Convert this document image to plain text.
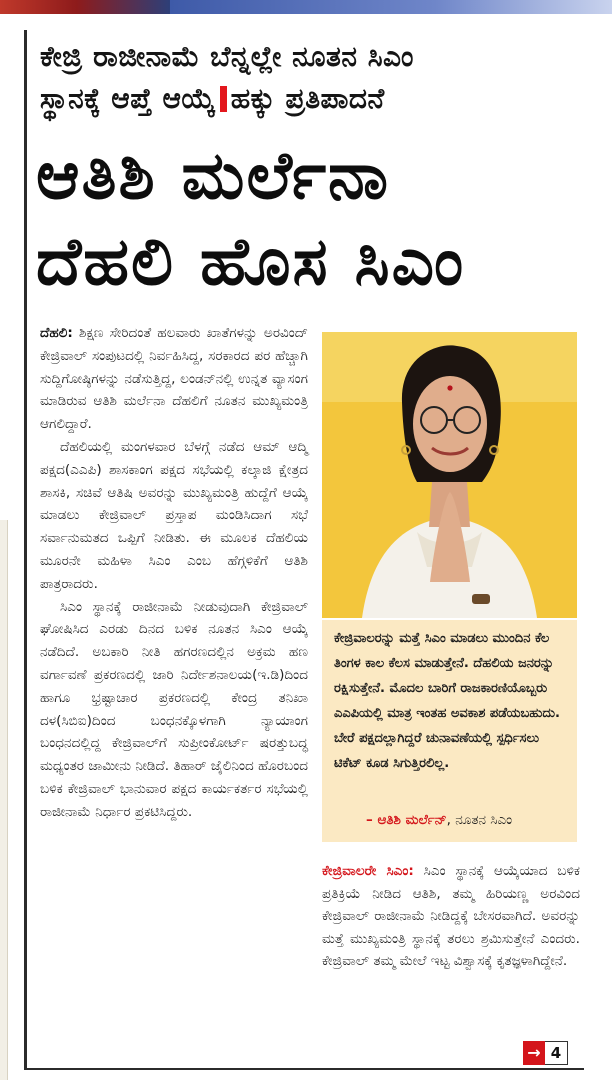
ಕೇಜ್ರಿ ರಾಜೀನಾಮೆ ಬೆನ್ನಲ್ಲೇ ನೂತನ ಸಿಎಂ
ಸ್ಥಾನಕ್ಕೆ ಆಪ್ತೆ ಆಯ್ಕೆ ಹಕ್ಕು ಪ್ರತಿಪಾದನೆ
ಆತಿಶಿ ಮರ್ಲೆನಾ
ದೆಹಲಿ ಹೊಸ ಸಿಎಂ

ದೆಹಲಿ: ಶಿಕ್ಷಣ ಸೇರಿದಂತೆ ಹಲವಾರು ಖಾತೆಗಳನ್ನು ಅರವಿಂದ್ ಕೇಜ್ರಿವಾಲ್ ಸಂಪುಟದಲ್ಲಿ ನಿರ್ವಹಿಸಿದ್ದ, ಸರಕಾರದ ಪರ ಹೆಚ್ಚಾಗಿ ಸುದ್ದಿಗೋಷ್ಠಿಗಳನ್ನು ನಡೆಸುತ್ತಿದ್ದ, ಲಂಡನ್‌ನಲ್ಲಿ ಉನ್ನತ ವ್ಯಾಸಂಗ ಮಾಡಿರುವ ಆತಿಶಿ ಮರ್ಲೆನಾ ದೆಹಲಿಗೆ ನೂತನ ಮುಖ್ಯಮಂತ್ರಿ ಆಗಲಿದ್ದಾರೆ.

ದೆಹಲಿಯಲ್ಲಿ ಮಂಗಳವಾರ ಬೆಳಗ್ಗೆ ನಡೆದ ಆಮ್ ಆದ್ಮಿ ಪಕ್ಷದ(ಎಎಪಿ) ಶಾಸಕಾಂಗ ಪಕ್ಷದ ಸಭೆಯಲ್ಲಿ ಕಲ್ಕಾಜಿ ಕ್ಷೇತ್ರದ ಶಾಸಕಿ, ಸಚಿವೆ ಆತಿಷಿ ಅವರನ್ನು ಮುಖ್ಯಮಂತ್ರಿ ಹುದ್ದೆಗೆ ಆಯ್ಕೆ ಮಾಡಲು ಕೇಜ್ರಿವಾಲ್ ಪ್ರಸ್ತಾಪ ಮಂಡಿಸಿದಾಗ ಸಭೆ ಸರ್ವಾನುಮತದ ಒಪ್ಪಿಗೆ ನೀಡಿತು. ಈ ಮೂಲಕ ದೆಹಲಿಯ ಮೂರನೇ ಮಹಿಳಾ ಸಿಎಂ ಎಂಬ ಹೆಗ್ಗಳಿಕೆಗೆ ಆತಿಶಿ ಪಾತ್ರರಾದರು.

ಸಿಎಂ ಸ್ಥಾನಕ್ಕೆ ರಾಜೀನಾಮೆ ನೀಡುವುದಾಗಿ ಕೇಜ್ರಿವಾಲ್ ಘೋಷಿಸಿದ ಎರಡು ದಿನದ ಬಳಿಕ ನೂತನ ಸಿಎಂ ಆಯ್ಕೆ ನಡೆದಿದೆ. ಅಬಕಾರಿ ನೀತಿ ಹಗರಣದಲ್ಲಿನ ಅಕ್ರಮ ಹಣ ವರ್ಗಾವಣೆ ಪ್ರಕರಣದಲ್ಲಿ ಜಾರಿ ನಿರ್ದೇಶನಾಲಯ(ಇ.ಡಿ)ದಿಂದ ಹಾಗೂ ಭ್ರಷ್ಟಾಚಾರ ಪ್ರಕರಣದಲ್ಲಿ ಕೇಂದ್ರ ತನಿಖಾ ದಳ(ಸಿಬಿಐ)ದಿಂದ ಬಂಧನಕ್ಕೊಳಗಾಗಿ ನ್ಯಾಯಾಂಗ ಬಂಧನದಲ್ಲಿದ್ದ ಕೇಜ್ರಿವಾಲ್‌ಗೆ ಸುಪ್ರೀಂಕೋರ್ಟ್ ಷರತ್ತುಬದ್ಧ ಮಧ್ಯಂತರ ಜಾಮೀನು ನೀಡಿದೆ. ತಿಹಾರ್ ಜೈಲಿನಿಂದ ಹೊರಬಂದ ಬಳಿಕ ಕೇಜ್ರಿವಾಲ್ ಭಾನುವಾರ ಪಕ್ಷದ ಕಾರ್ಯಕರ್ತರ ಸಭೆಯಲ್ಲಿ ರಾಜೀನಾಮೆ ನಿರ್ಧಾರ ಪ್ರಕಟಿಸಿದ್ದರು.

ಕೇಜ್ರಿವಾಲರನ್ನು ಮತ್ತೆ ಸಿಎಂ ಮಾಡಲು ಮುಂದಿನ ಕೆಲ ತಿಂಗಳ ಕಾಲ ಕೆಲಸ ಮಾಡುತ್ತೇನೆ. ದೆಹಲಿಯ ಜನರನ್ನು ರಕ್ಷಿಸುತ್ತೇನೆ. ಮೊದಲ ಬಾರಿಗೆ ರಾಜಕಾರಣಿಯೊಬ್ಬರು ಎಎಪಿಯಲ್ಲಿ ಮಾತ್ರ ಇಂತಹ ಅವಕಾಶ ಪಡೆಯಬಹುದು. ಬೇರೆ ಪಕ್ಷದಲ್ಲಾಗಿದ್ದರೆ ಚುನಾವಣೆಯಲ್ಲಿ ಸ್ಪರ್ಧಿಸಲು ಟಿಕೆಟ್ ಕೂಡ ಸಿಗುತ್ತಿರಲಿಲ್ಲ.
– ಆತಿಶಿ ಮರ್ಲೆನ್, ನೂತನ ಸಿಎಂ
ಕೇಜ್ರಿವಾಲರೇ ಸಿಎಂ: ಸಿಎಂ ಸ್ಥಾನಕ್ಕೆ ಆಯ್ಕೆಯಾದ ಬಳಿಕ ಪ್ರತಿಕ್ರಿಯೆ ನೀಡಿದ ಆತಿಶಿ, ತಮ್ಮ ಹಿರಿಯಣ್ಣ ಅರವಿಂದ ಕೇಜ್ರಿವಾಲ್ ರಾಜೀನಾಮೆ ನೀಡಿದ್ದಕ್ಕೆ ಬೇಸರವಾಗಿದೆ. ಅವರನ್ನು ಮತ್ತೆ ಮುಖ್ಯಮಂತ್ರಿ ಸ್ಥಾನಕ್ಕೆ ತರಲು ಶ್ರಮಿಸುತ್ತೇನೆ ಎಂದರು. ಕೇಜ್ರಿವಾಲ್ ತಮ್ಮ ಮೇಲೆ ಇಟ್ಟ ವಿಶ್ವಾಸಕ್ಕೆ ಕೃತಜ್ಞಳಾಗಿದ್ದೇನೆ.
→ 4
